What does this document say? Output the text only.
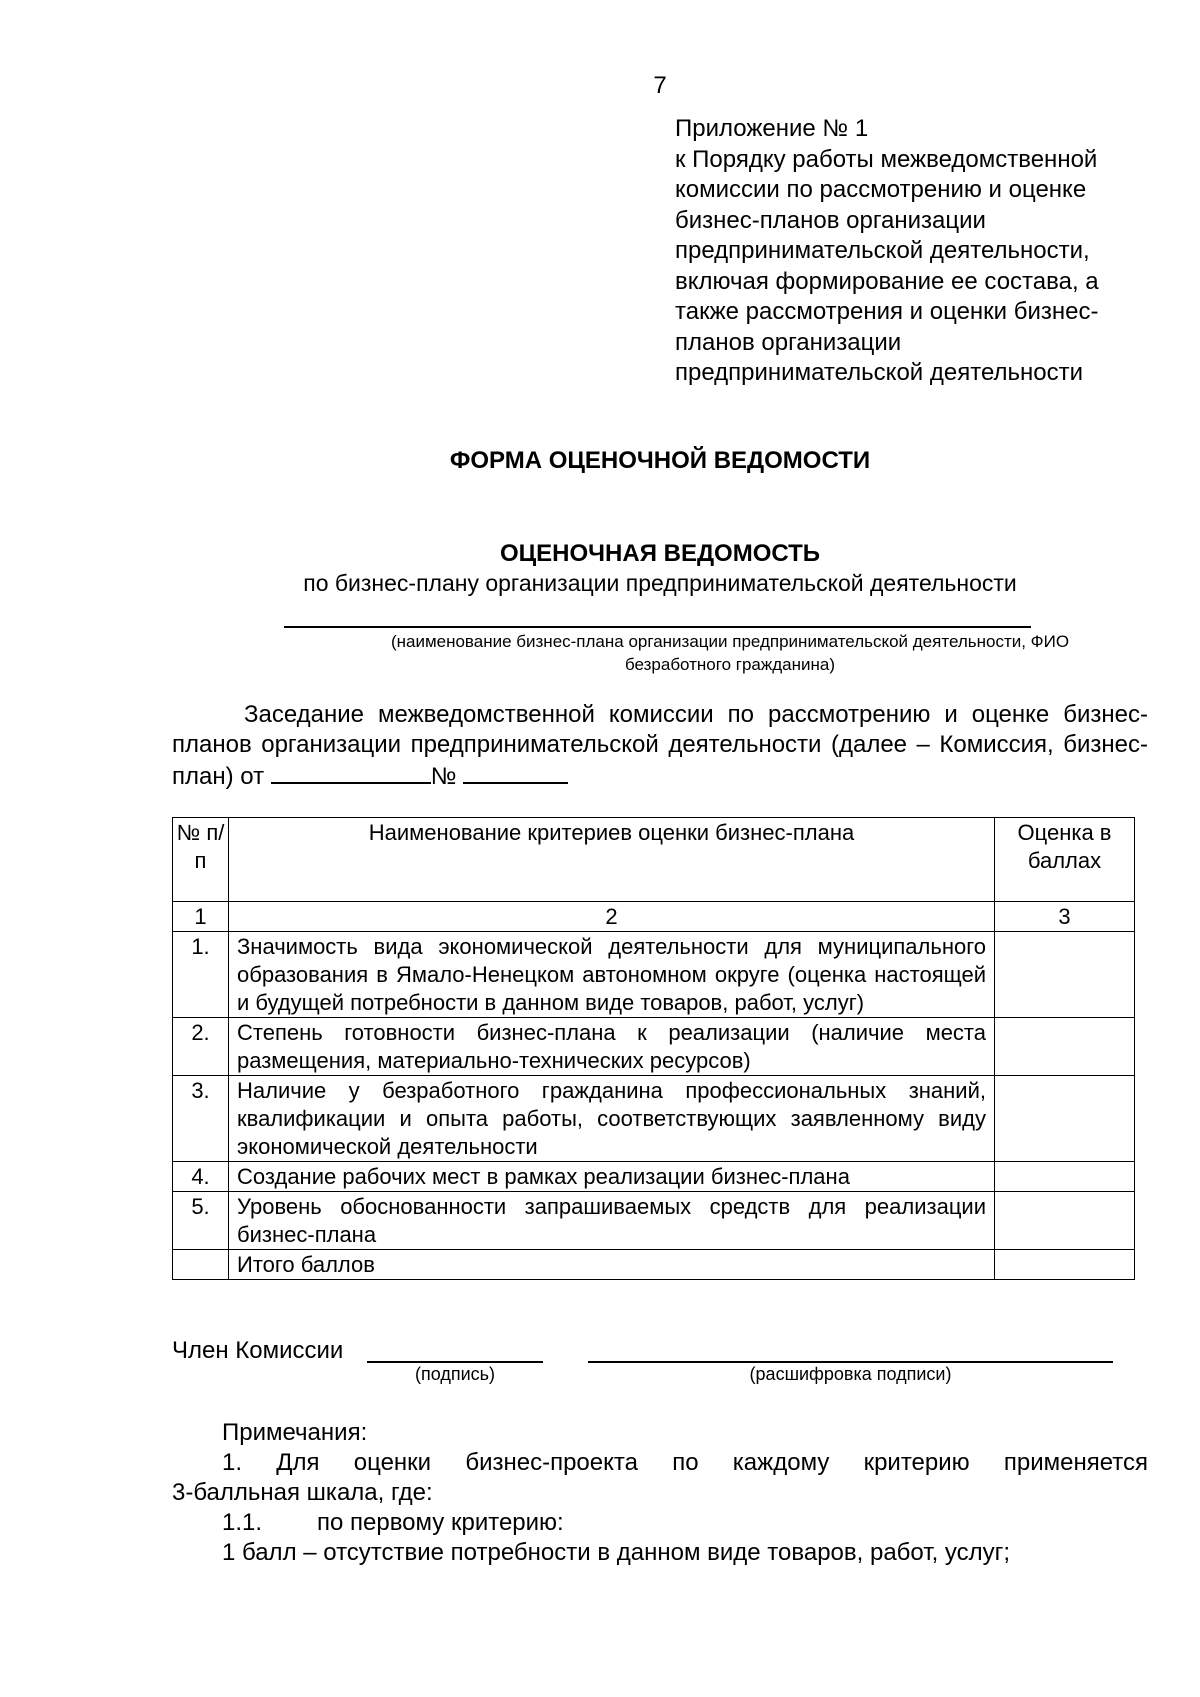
7
Приложение № 1
к Порядку работы межведомственной
комиссии по рассмотрению и оценке
бизнес-планов организации
предпринимательской деятельности,
включая формирование ее состава, а
также рассмотрения и оценки бизнес-
планов организации
предпринимательской деятельности
ФОРМА ОЦЕНОЧНОЙ ВЕДОМОСТИ
ОЦЕНОЧНАЯ ВЕДОМОСТЬ
по бизнес-плану организации предпринимательской деятельности
(наименование бизнес-плана организации предпринимательской деятельности, ФИО
безработного гражданина)
Заседание межведомственной комиссии по рассмотрению и оценке бизнес-планов организации предпринимательской деятельности (далее – Комиссия, бизнес-план) от	№
№ п/п	Наименование критериев оценки бизнес-плана	Оценка в баллах
1	2	3
1.	Значимость вида экономической деятельности для муниципального образования в Ямало-Ненецком автономном округе (оценка настоящей и будущей потребности в данном виде товаров, работ, услуг)	
2.	Степень готовности бизнес-плана к реализации (наличие места размещения, материально-технических ресурсов)	
3.	Наличие у безработного гражданина профессиональных знаний, квалификации и опыта работы, соответствующих заявленному виду экономической деятельности	
4.	Создание рабочих мест в рамках реализации бизнес-плана	
5.	Уровень обоснованности запрашиваемых средств для реализации бизнес-плана	
	Итого баллов	
Член Комиссии
(подпись)	(расшифровка подписи)
Примечания:
1. Для оценки бизнес-проекта по каждому критерию применяется
3-балльная шкала, где:
1.1. по первому критерию:
1 балл – отсутствие потребности в данном виде товаров, работ, услуг;
